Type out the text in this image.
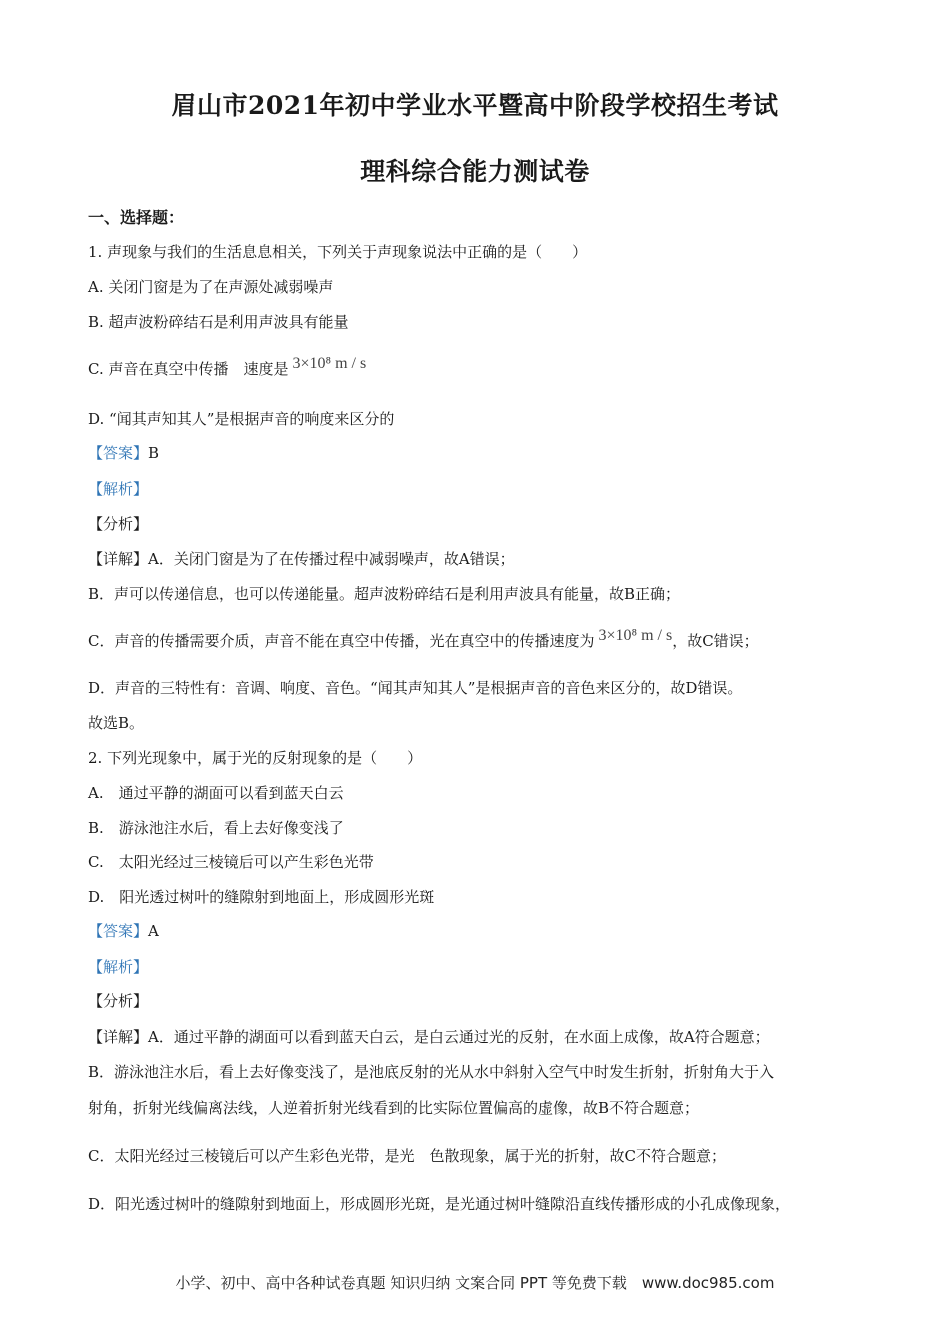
眉山市2021年初中学业水平暨高中阶段学校招生考试
理科综合能力测试卷
一、选择题：
1. 声现象与我们的生活息息相关，下列关于声现象说法中正确的是（　　）
A. 关闭门窗是为了在声源处减弱噪声
B. 超声波粉碎结石是利用声波具有能量
C. 声音在真空中传播　速度是 3×10⁸ m / s
D. “闻其声知其人”是根据声音的响度来区分的
【答案】B
【解析】
【分析】
【详解】A．关闭门窗是为了在传播过程中减弱噪声，故A错误；
B．声可以传递信息，也可以传递能量。超声波粉碎结石是利用声波具有能量，故B正确；
C．声音的传播需要介质，声音不能在真空中传播，光在真空中的传播速度为 3×10⁸ m / s，故C错误；
D．声音的三特性有：音调、响度、音色。“闻其声知其人”是根据声音的音色来区分的，故D错误。
故选B。
2. 下列光现象中，属于光的反射现象的是（　　）
A.　通过平静的湖面可以看到蓝天白云
B.　游泳池注水后，看上去好像变浅了
C.　太阳光经过三棱镜后可以产生彩色光带
D.　阳光透过树叶的缝隙射到地面上，形成圆形光斑
【答案】A
【解析】
【分析】
【详解】A．通过平静的湖面可以看到蓝天白云，是白云通过光的反射，在水面上成像，故A符合题意；
B．游泳池注水后，看上去好像变浅了，是池底反射的光从水中斜射入空气中时发生折射，折射角大于入
射角，折射光线偏离法线，人逆着折射光线看到的比实际位置偏高的虚像，故B不符合题意；
C．太阳光经过三棱镜后可以产生彩色光带，是光　色散现象，属于光的折射，故C不符合题意；
D．阳光透过树叶的缝隙射到地面上，形成圆形光斑，是光通过树叶缝隙沿直线传播形成的小孔成像现象，
小学、初中、高中各种试卷真题 知识归纳 文案合同 PPT 等免费下载　www.doc985.com
